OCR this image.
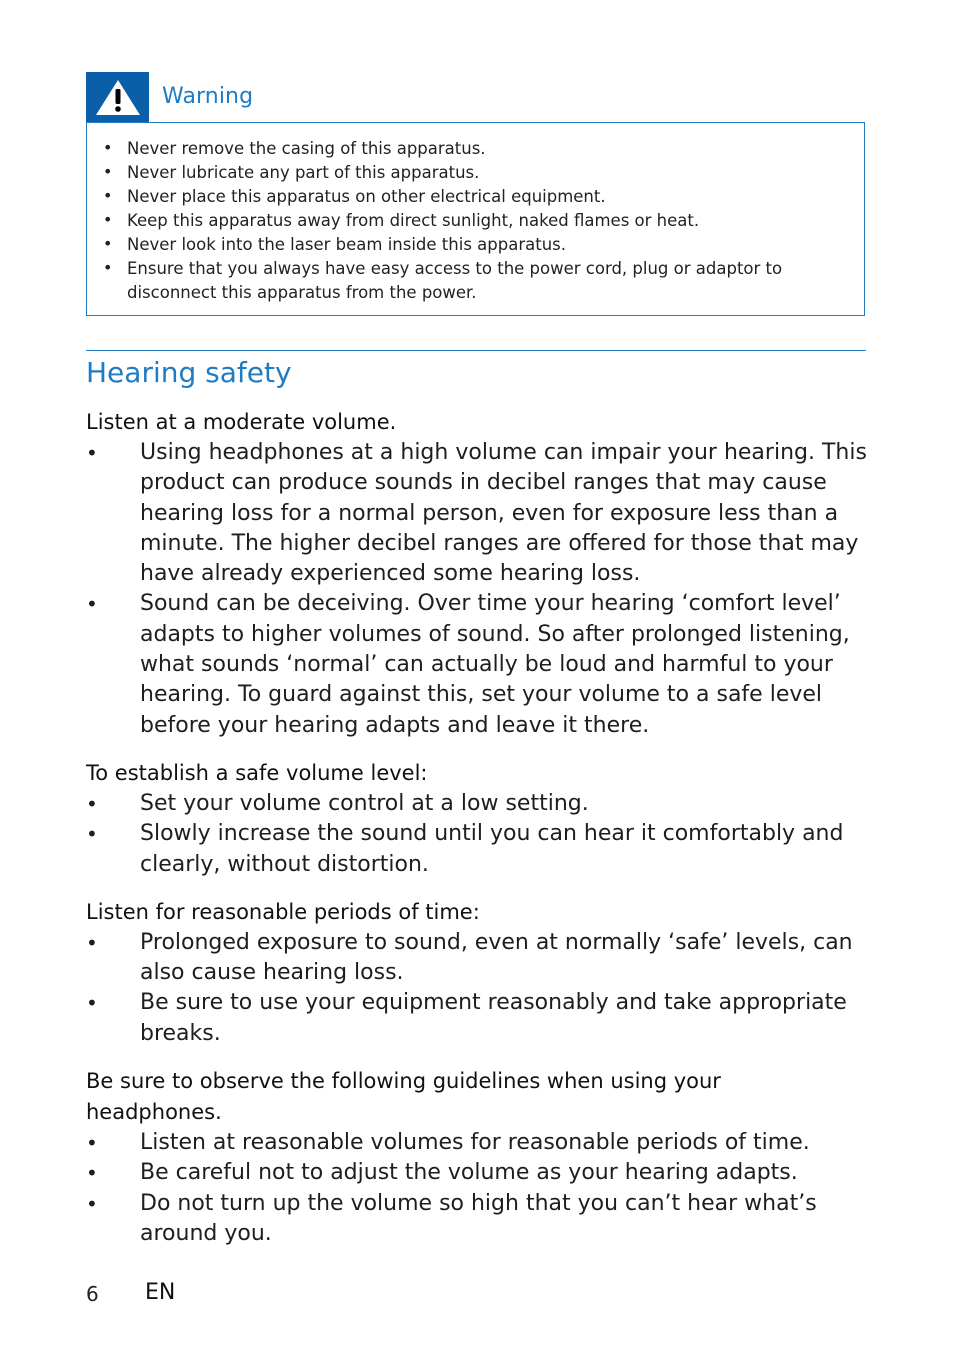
Warning
• Never remove the casing of this apparatus.
• Never lubricate any part of this apparatus.
• Never place this apparatus on other electrical equipment.
• Keep this apparatus away from direct sunlight, naked flames or heat.
• Never look into the laser beam inside this apparatus.
• Ensure that you always have easy access to the power cord, plug or adaptor to disconnect this apparatus from the power.
Hearing safety

Listen at a moderate volume.

• Using headphones at a high volume can impair your hearing. This product can produce sounds in decibel ranges that may cause hearing loss for a normal person, even for exposure less than a minute. The higher decibel ranges are offered for those that may have already experienced some hearing loss.
• Sound can be deceiving. Over time your hearing ‘comfort level’ adapts to higher volumes of sound. So after prolonged listening, what sounds ‘normal’ can actually be loud and harmful to your hearing. To guard against this, set your volume to a safe level before your hearing adapts and leave it there.

To establish a safe volume level:

• Set your volume control at a low setting.
• Slowly increase the sound until you can hear it comfortably and clearly, without distortion.

Listen for reasonable periods of time:

• Prolonged exposure to sound, even at normally ‘safe’ levels, can also cause hearing loss.
• Be sure to use your equipment reasonably and take appropriate breaks.

Be sure to observe the following guidelines when using your headphones.

• Listen at reasonable volumes for reasonable periods of time.
• Be careful not to adjust the volume as your hearing adapts.
• Do not turn up the volume so high that you can’t hear what’s around you.
6 EN
